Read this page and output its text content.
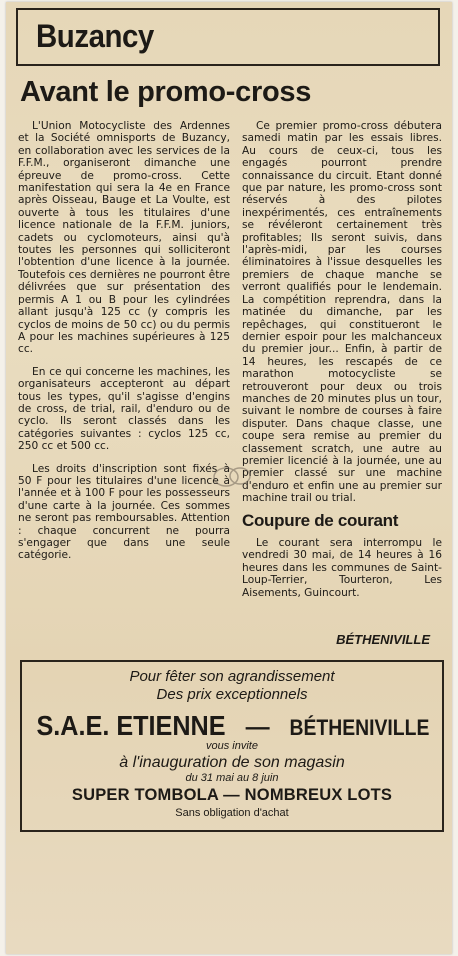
Buzancy
Avant le promo-cross

L'Union Motocycliste des Ardennes et la Société omnisports de Buzancy, en collaboration avec les services de la F.F.M., organiseront dimanche une épreuve de promo-cross. Cette manifestation qui sera la 4e en France après Oisseau, Bauge et La Voulte, est ouverte à tous les titulaires d'une licence nationale de la F.F.M. juniors, cadets ou cyclomoteurs, ainsi qu'à toutes les personnes qui solliciteront l'obtention d'une licence à la journée. Toutefois ces dernières ne pourront être délivrées que sur présentation des permis A 1 ou B pour les cylindrées allant jusqu'à 125 cc (y compris les cyclos de moins de 50 cc) ou du permis A pour les machines supérieures à 125 cc.

En ce qui concerne les machines, les organisateurs accepteront au départ tous les types, qu'il s'agisse d'engins de cross, de trial, rail, d'enduro ou de cyclo. Ils seront classés dans les catégories suivantes : cyclos 125 cc, 250 cc et 500 cc.

Les droits d'inscription sont fixés à 50 F pour les titulaires d'une licence à l'année et à 100 F pour les possesseurs d'une carte à la journée. Ces sommes ne seront pas remboursables. Attention : chaque concurrent ne pourra s'engager que dans une seule catégorie.

Ce premier promo-cross débutera samedi matin par les essais libres. Au cours de ceux-ci, tous les engagés pourront prendre connaissance du circuit. Etant donné que par nature, les promo-cross sont réservés à des pilotes inexpérimentés, ces entraînements se révéleront certainement très profitables; Ils seront suivis, dans l'après-midi, par les courses éliminatoires à l'issue desquelles les premiers de chaque manche se verront qualifiés pour le lendemain. La compétition reprendra, dans la matinée du dimanche, par les repêchages, qui constitueront le dernier espoir pour les malchanceux du premier jour... Enfin, à partir de 14 heures, les rescapés de ce marathon motocycliste se retrouveront pour deux ou trois manches de 20 minutes plus un tour, suivant le nombre de courses à faire disputer. Dans chaque classe, une coupe sera remise au premier du classement scratch, une autre au premier licencié à la journée, une au premier classé sur une machine d'enduro et enfin une au premier sur machine trail ou trial.

Coupure de courant

Le courant sera interrompu le vendredi 30 mai, de 14 heures à 16 heures dans les communes de Saint-Loup-Terrier, Tourteron, Les Aisements, Guincourt.

BÉTHENIVILLE
Pour fêter son agrandissement
Des prix exceptionnels
S.A.E. ETIENNE — BÉTHENIVILLE
vous invite
à l'inauguration de son magasin
du 31 mai au 8 juin
SUPER TOMBOLA — NOMBREUX LOTS
Sans obligation d'achat
